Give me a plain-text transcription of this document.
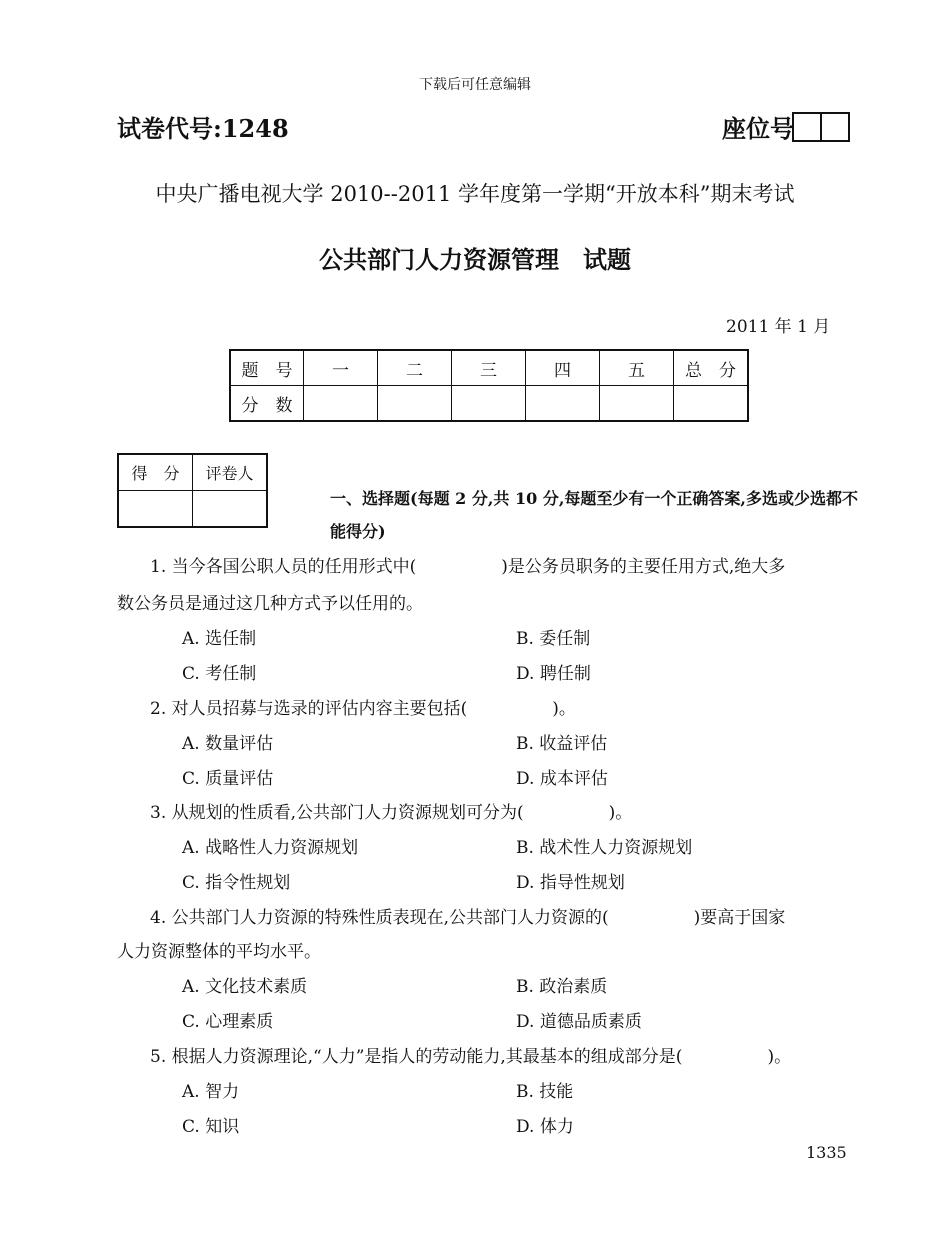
下载后可任意编辑
试卷代号:1248	座位号
中央广播电视大学 2010--2011 学年度第一学期“开放本科”期末考试
公共部门人力资源管理　试题
2011 年 1 月
题　号	一	二	三	四	五	总　分
分　数						
得　分	评卷人

一、选择题(每题 2 分,共 10 分,每题至少有一个正确答案,多选或少选都不能得分)
1. 当今各国公职人员的任用形式中(　　　　　)是公务员职务的主要任用方式,绝大多
数公务员是通过这几种方式予以任用的。
A. 选任制	B. 委任制
C. 考任制	D. 聘任制
2. 对人员招募与选录的评估内容主要包括(　　　　　)。
A. 数量评估	B. 收益评估
C. 质量评估	D. 成本评估
3. 从规划的性质看,公共部门人力资源规划可分为(　　　　　)。
A. 战略性人力资源规划	B. 战术性人力资源规划
C. 指令性规划	D. 指导性规划
4. 公共部门人力资源的特殊性质表现在,公共部门人力资源的(　　　　　)要高于国家
人力资源整体的平均水平。
A. 文化技术素质	B. 政治素质
C. 心理素质	D. 道德品质素质
5. 根据人力资源理论,“人力”是指人的劳动能力,其最基本的组成部分是(　　　　　)。
A. 智力	B. 技能
C. 知识	D. 体力
1335
